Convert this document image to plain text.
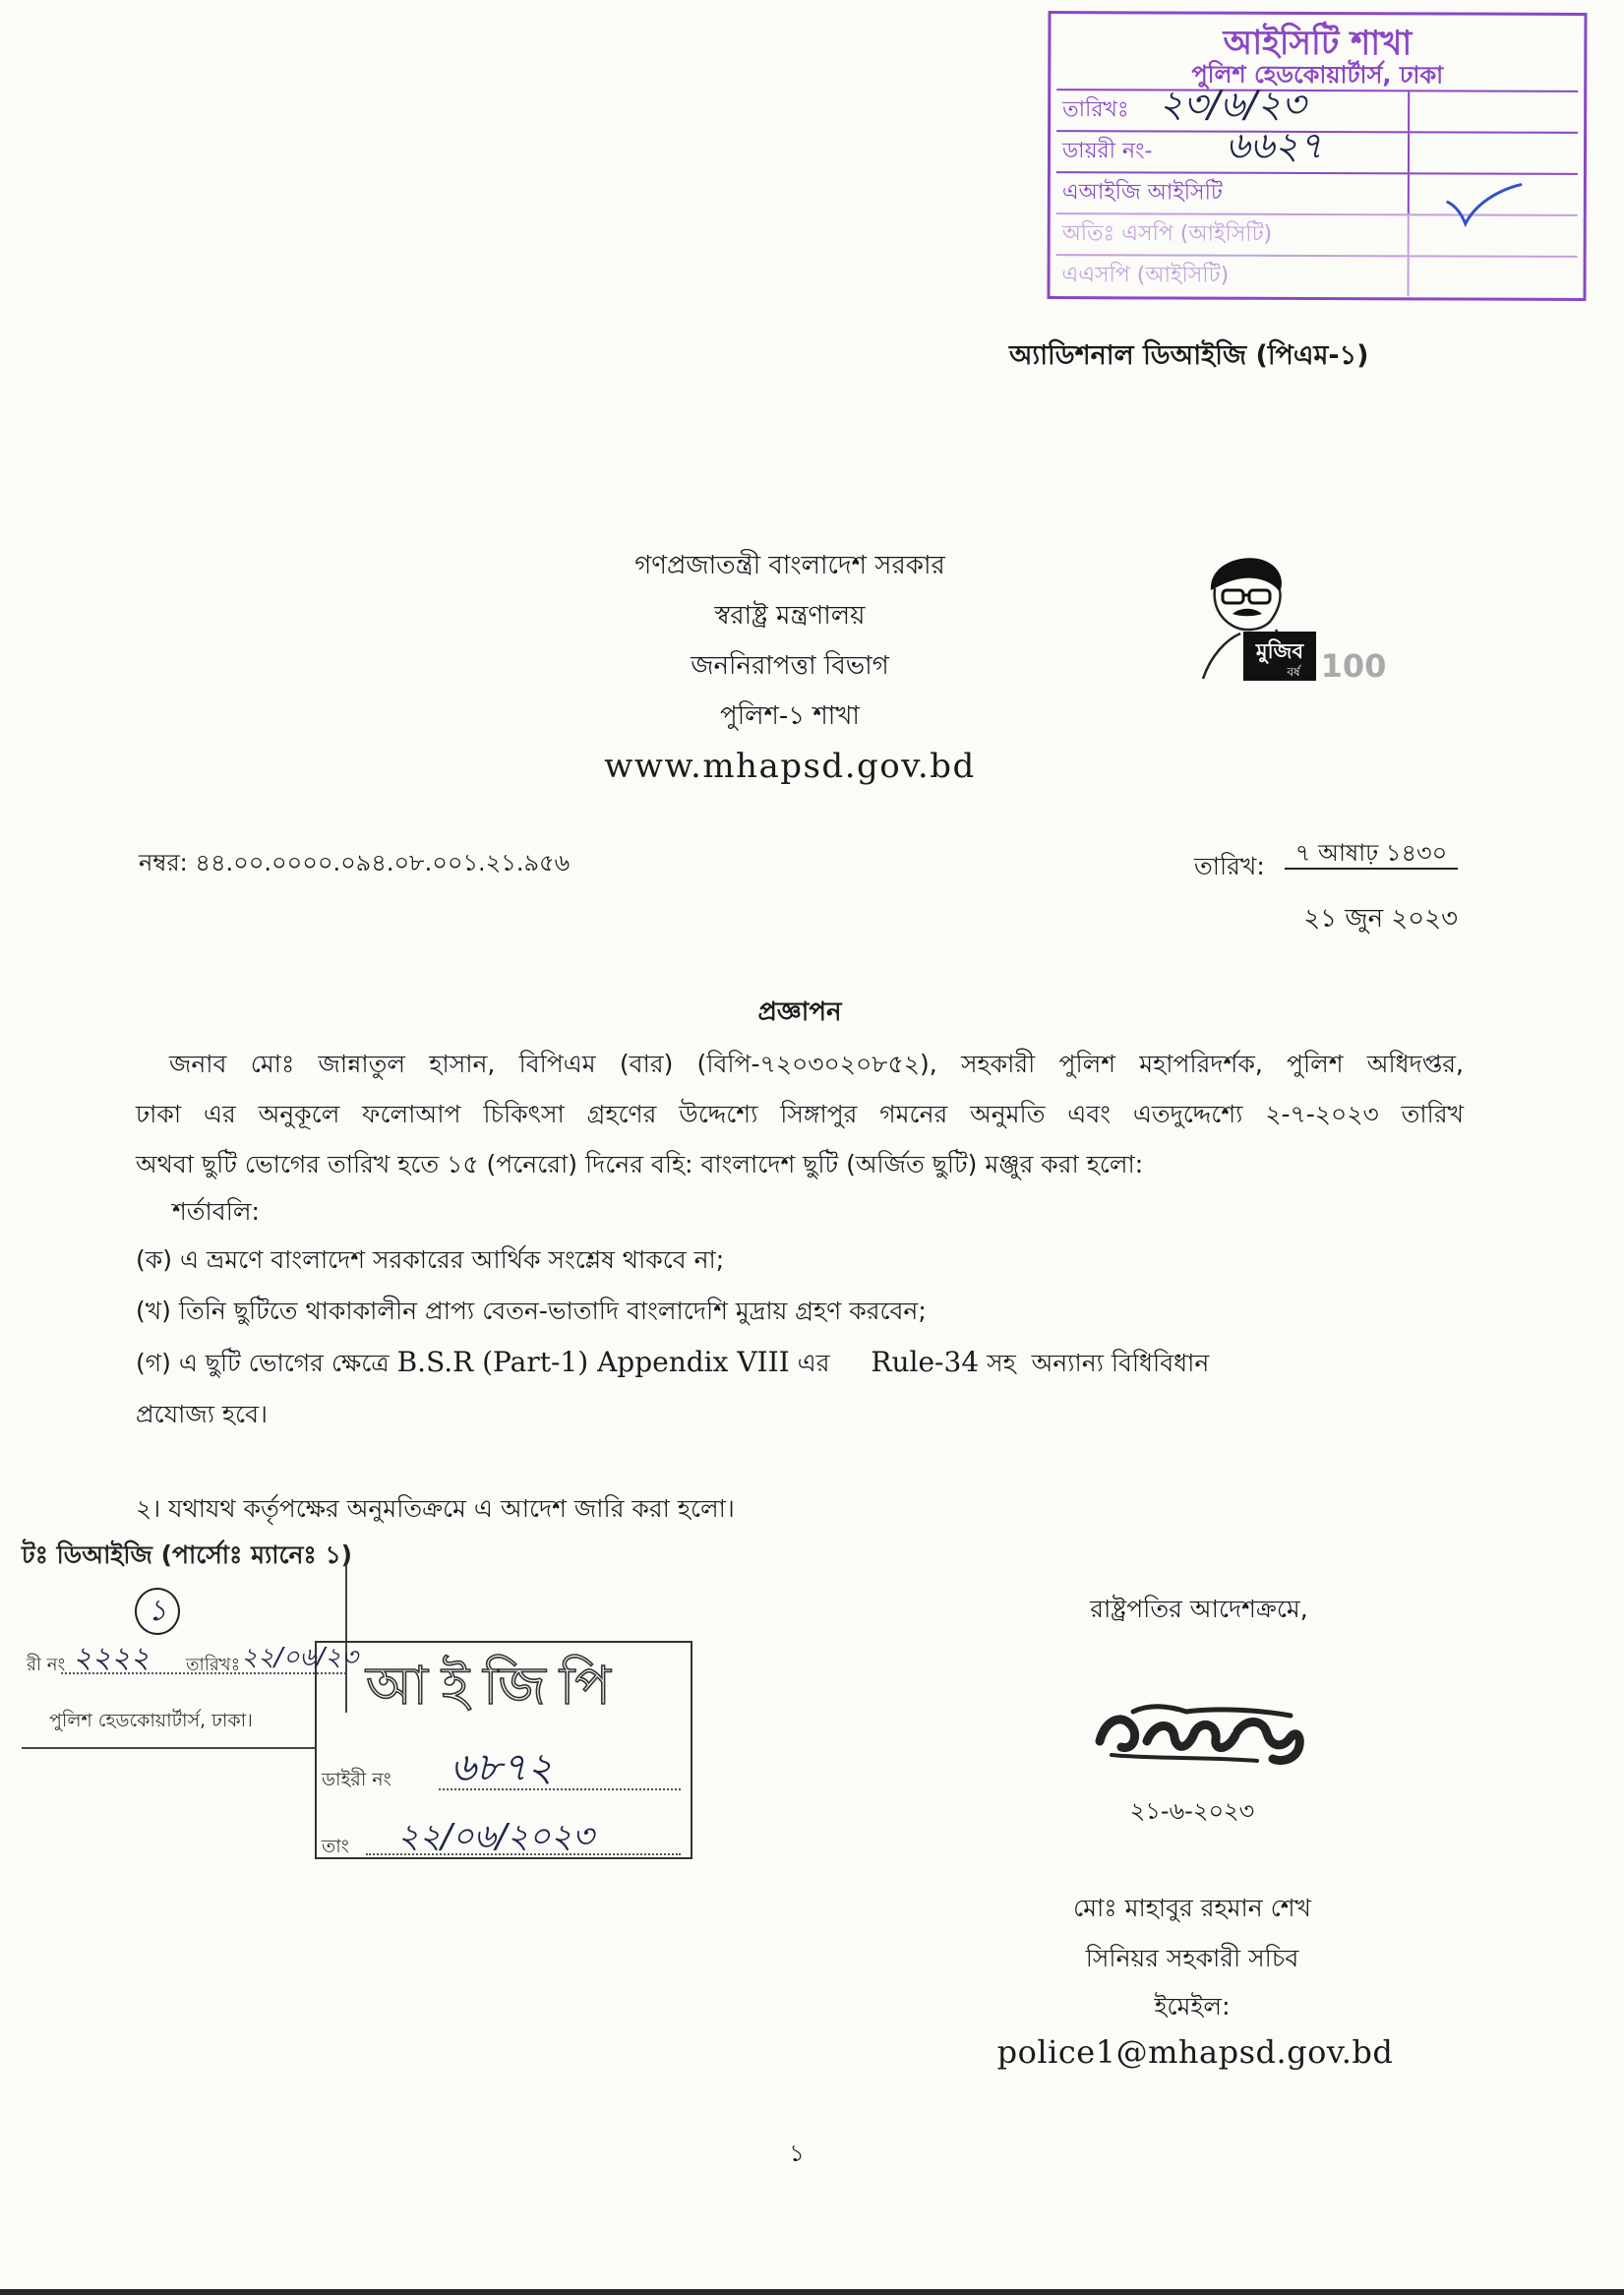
আইসিটি শাখা
পুলিশ হেডকোয়ার্টার্স, ঢাকা
তারিখঃ ২৩/৬/২৩
ডায়রী নং- ৬৬২৭
এআইজি আইসিটি
অতিঃ এসপি (আইসিটি)
এএসপি (আইসিটি)
অ্যাডিশনাল ডিআইজি (পিএম-১)
গণপ্রজাতন্ত্রী বাংলাদেশ সরকার
স্বরাষ্ট্র মন্ত্রণালয়
জননিরাপত্তা বিভাগ
পুলিশ-১ শাখা
www.mhapsd.gov.bd
মুজিব
বর্ষ 100
নম্বর: ৪৪.০০.০০০০.০৯৪.০৮.০০১.২১.৯৫৬	তারিখ:	৭ আষাঢ় ১৪৩০
২১ জুন ২০২৩
প্রজ্ঞাপন
জনাব মোঃ জান্নাতুল হাসান, বিপিএম (বার) (বিপি-৭২০৩০২০৮৫২), সহকারী পুলিশ মহাপরিদর্শক, পুলিশ অধিদপ্তর,
ঢাকা এর অনুকূলে ফলোআপ চিকিৎসা গ্রহণের উদ্দেশ্যে সিঙ্গাপুর গমনের অনুমতি এবং এতদুদ্দেশ্যে ২-৭-২০২৩ তারিখ
অথবা ছুটি ভোগের তারিখ হতে ১৫ (পনেরো) দিনের বহি: বাংলাদেশ ছুটি (অর্জিত ছুটি) মঞ্জুর করা হলো:
শর্তাবলি:
(ক) এ ভ্রমণে বাংলাদেশ সরকারের আর্থিক সংশ্লেষ থাকবে না;
(খ) তিনি ছুটিতে থাকাকালীন প্রাপ্য বেতন-ভাতাদি বাংলাদেশি মুদ্রায় গ্রহণ করবেন;
(গ) এ ছুটি ভোগের ক্ষেত্রে B.S.R (Part-1) Appendix VIII এর Rule-34 সহ  অন্যান্য বিধিবিধান
প্রযোজ্য হবে।
২। যথাযথ কর্তৃপক্ষের অনুমতিক্রমে এ আদেশ জারি করা হলো।
টঃ ডিআইজি (পার্সোঃ ম্যানেঃ ১)
১
রী নং ২২২২ তারিখঃ ২২/০৬/২৩
পুলিশ হেডকোয়ার্টার্স, ঢাকা।
আইজিপি
ডাইরী নং ৬৮৭২
তাং ২২/০৬/২০২৩
রাষ্ট্রপতির আদেশক্রমে,
২১-৬-২০২৩
মোঃ মাহাবুর রহমান শেখ
সিনিয়র সহকারী সচিব
ইমেইল:
police1@mhapsd.gov.bd
১
